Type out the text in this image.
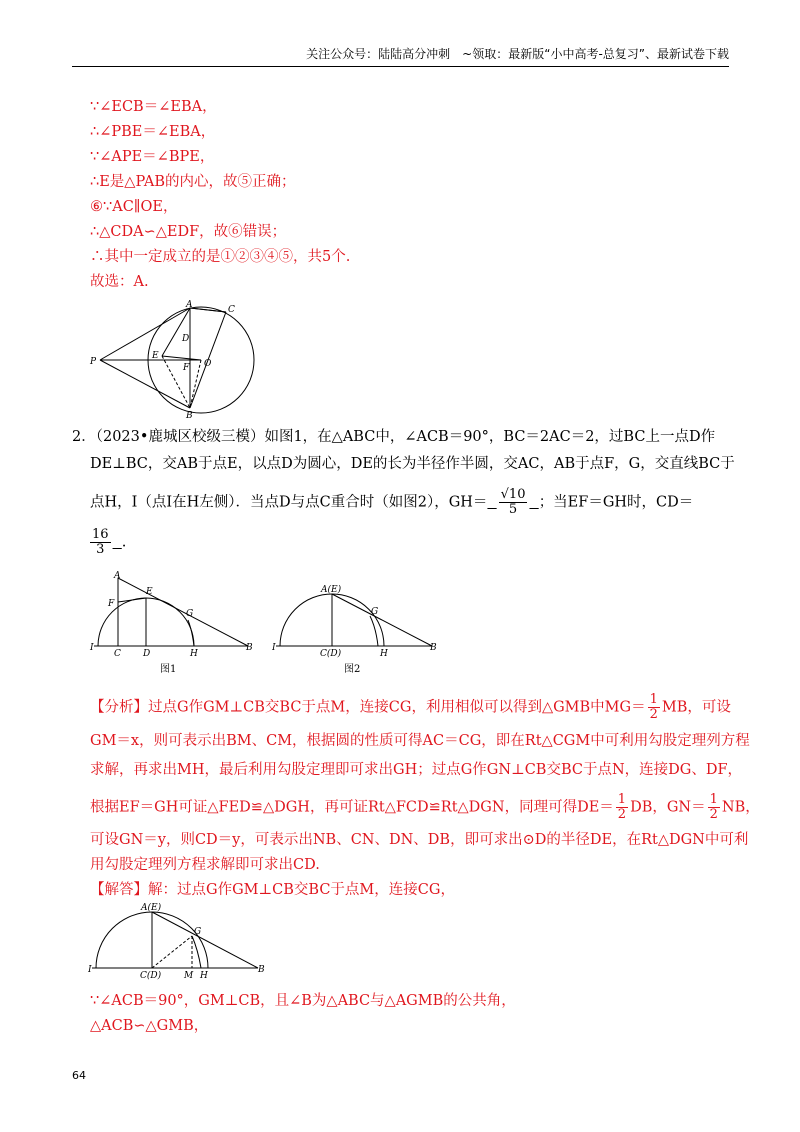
关注公众号：陆陆高分冲刺　~领取：最新版“小中高考-总复习”、最新试卷下载
∵∠ECB＝∠EBA，
∴∠PBE＝∠EBA，
∵∠APE＝∠BPE，
∴E是△PAB的内心，故⑤正确；
⑥∵AC∥OE，
∴△CDA∽△EDF，故⑥错误；
∴其中一定成立的是①②③④⑤，共5个.
故选：A.
A	C
D
E
F O
P
B
2．（2023•鹿城区校级三模）如图1，在△ABC中，∠ACB＝90°，BC＝2AC＝2，过BC上一点D作
DE⊥BC，交AB于点E，以点D为圆心，DE的长为半径作半圆，交AC，AB于点F，G，交直线BC于
点H，I（点I在H左侧）．当点D与点C重合时（如图2），$GH= \frac{√10}{5}$ ；当EF＝GH时，CD＝
$\frac{16}{3}$ .
A
E
F
G
I
C D	H
B
图1
A(E)
G
I
C(D)	H
B
图2
【分析】过点G作GM⊥CB交BC于点M，连接CG，利用相似可以得到△GMB中$MG= \frac{1}{2}$ MB，可设
GM＝x，则可表示出BM、CM，根据圆的性质可得AC＝CG，即在Rt△CGM中可利用勾股定理列方程
求解，再求出MH，最后利用勾股定理即可求出GH；过点G作GN⊥CB交BC于点N，连接DG、DF，
根据EF＝GH可证△FED≌△DGH，再可证Rt△FCD≌Rt△DGN，同理可得$DE= \frac{1}{2}$ DB，$GN= \frac{1}{2}$ NB，
可设GN＝y，则CD＝y，可表示出NB、CN、DN、DB，即可求出⊙D的半径DE，在Rt△DGN中可利
用勾股定理列方程求解即可求出CD.
【解答】解：过点G作GM⊥CB交BC于点M，连接CG，
A(E)
G
I
C(D)	M H
B
∵∠ACB＝90°，GM⊥CB，且∠B为△ABC与△AGMB的公共角，
△ACB∽△GMB，
64
